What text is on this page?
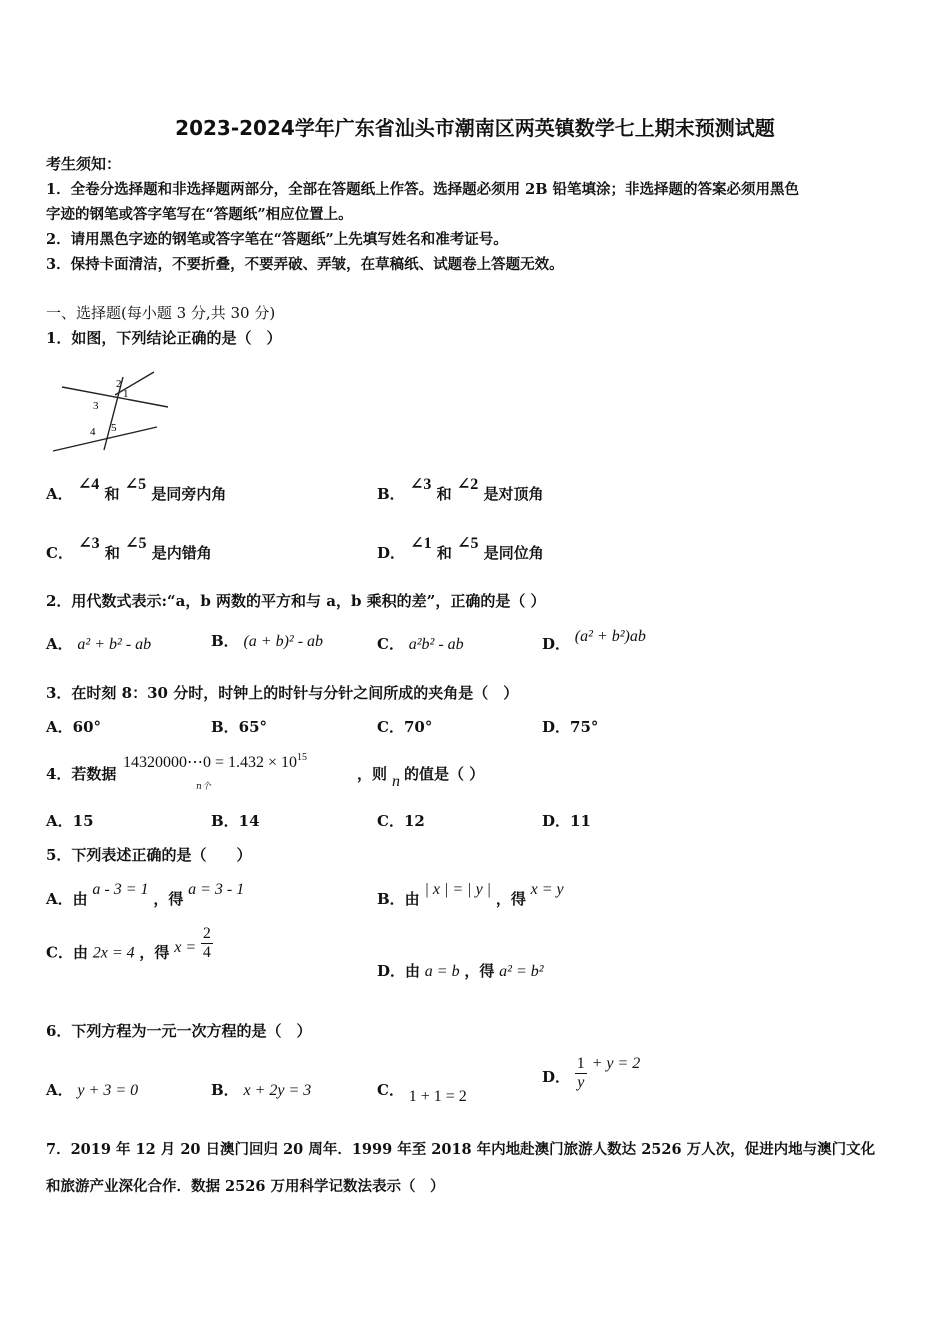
2023-2024学年广东省汕头市潮南区两英镇数学七上期末预测试题
考生须知：
1．全卷分选择题和非选择题两部分，全部在答题纸上作答。选择题必须用 2B 铅笔填涂；非选择题的答案必须用黑色
字迹的钢笔或答字笔写在“答题纸”相应位置上。
2．请用黑色字迹的钢笔或答字笔在“答题纸”上先填写姓名和准考证号。
3．保持卡面清洁，不要折叠，不要弄破、弄皱，在草稿纸、试题卷上答题无效。
一、选择题(每小题 3 分,共 30 分)
1．如图，下列结论正确的是（　）
2
1
3
4 5
A． ∠4 和 ∠5 是同旁内角	B． ∠3 和 ∠2 是对顶角
C． ∠3 和 ∠5 是内错角	D． ∠1 和 ∠5 是同位角
2．用代数式表示:“a，b 两数的平方和与 a，b 乘积的差”，正确的是（ ）
A． a² + b² - ab	B． (a + b)² - ab	C． a²b² - ab	D． (a² + b²)ab
3．在时刻 8：30 分时，时钟上的时针与分针之间所成的夹角是（　）
A．60°	B．65°	C．70°	D．75°
4．若数据
14320000⋯0 = $1.432 \times 10^{15}$
n个
，则 n 的值是（ ）
A．15	B．14	C．12	D．11
5．下列表述正确的是（　　）
A．由 a - 3 = 1 ，得 a = 3 - 1
B．由 | x | = | y | ，得 x = y
C．由 2x = 4 ，得 $x = \frac{2}{4}$
D．由 a = b ，得 a² = b²
6．下列方程为一元一次方程的是（　）
A． y + 3 = 0	B． x + 2y = 3	C． 1 + 1 = 2
D． $\frac{1}{y} + y = 2$
7．2019 年 12 月 20 日澳门回归 20 周年．1999 年至 2018 年内地赴澳门旅游人数达 2526 万人次，促进内地与澳门文化
和旅游产业深化合作．数据 2526 万用科学记数法表示（　）
